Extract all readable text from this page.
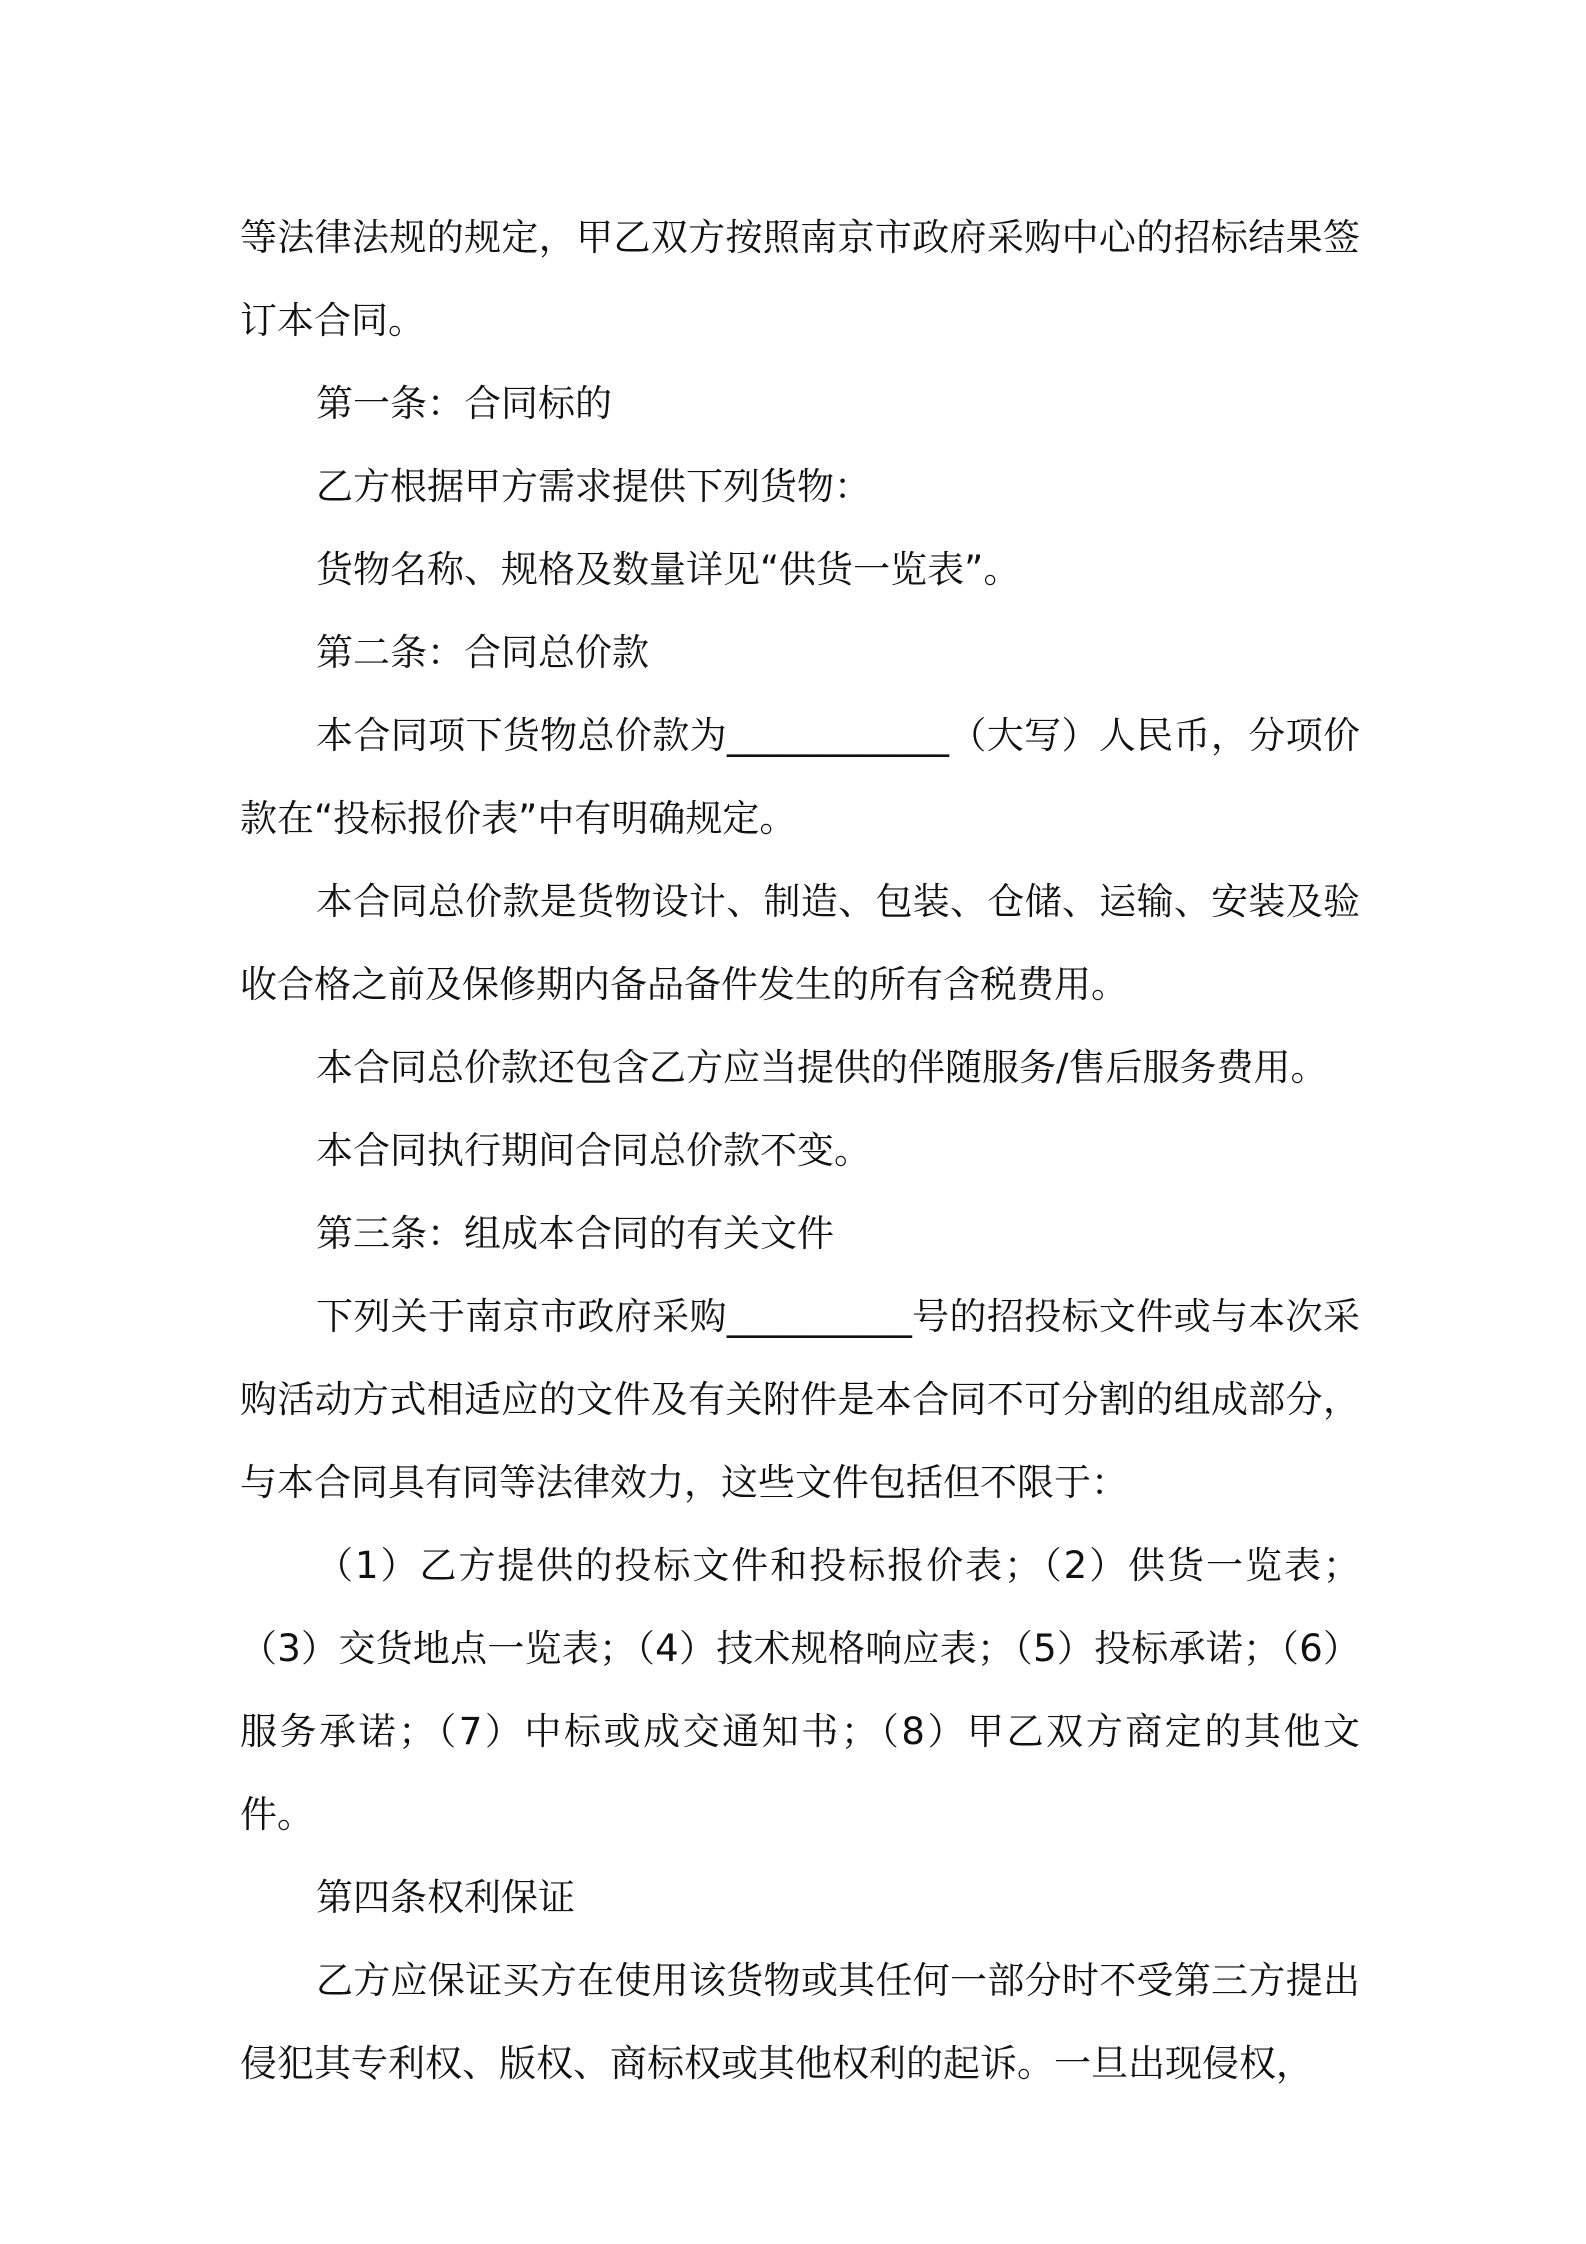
等法律法规的规定，甲乙双方按照南京市政府采购中心的招标结果签订本合同。

第一条：合同标的

乙方根据甲方需求提供下列货物：

货物名称、规格及数量详见“供货一览表”。

第二条：合同总价款

本合同项下货物总价款为____________（大写）人民币，分项价款在“投标报价表”中有明确规定。

本合同总价款是货物设计、制造、包装、仓储、运输、安装及验收合格之前及保修期内备品备件发生的所有含税费用。

本合同总价款还包含乙方应当提供的伴随服务/售后服务费用。

本合同执行期间合同总价款不变。

第三条：组成本合同的有关文件

下列关于南京市政府采购__________号的招投标文件或与本次采购活动方式相适应的文件及有关附件是本合同不可分割的组成部分，与本合同具有同等法律效力，这些文件包括但不限于：

（1）乙方提供的投标文件和投标报价表；（2）供货一览表；（3）交货地点一览表；（4）技术规格响应表；（5）投标承诺；（6）服务承诺；（7）中标或成交通知书；（8）甲乙双方商定的其他文件。

第四条权利保证

乙方应保证买方在使用该货物或其任何一部分时不受第三方提出侵犯其专利权、版权、商标权或其他权利的起诉。一旦出现侵权，
